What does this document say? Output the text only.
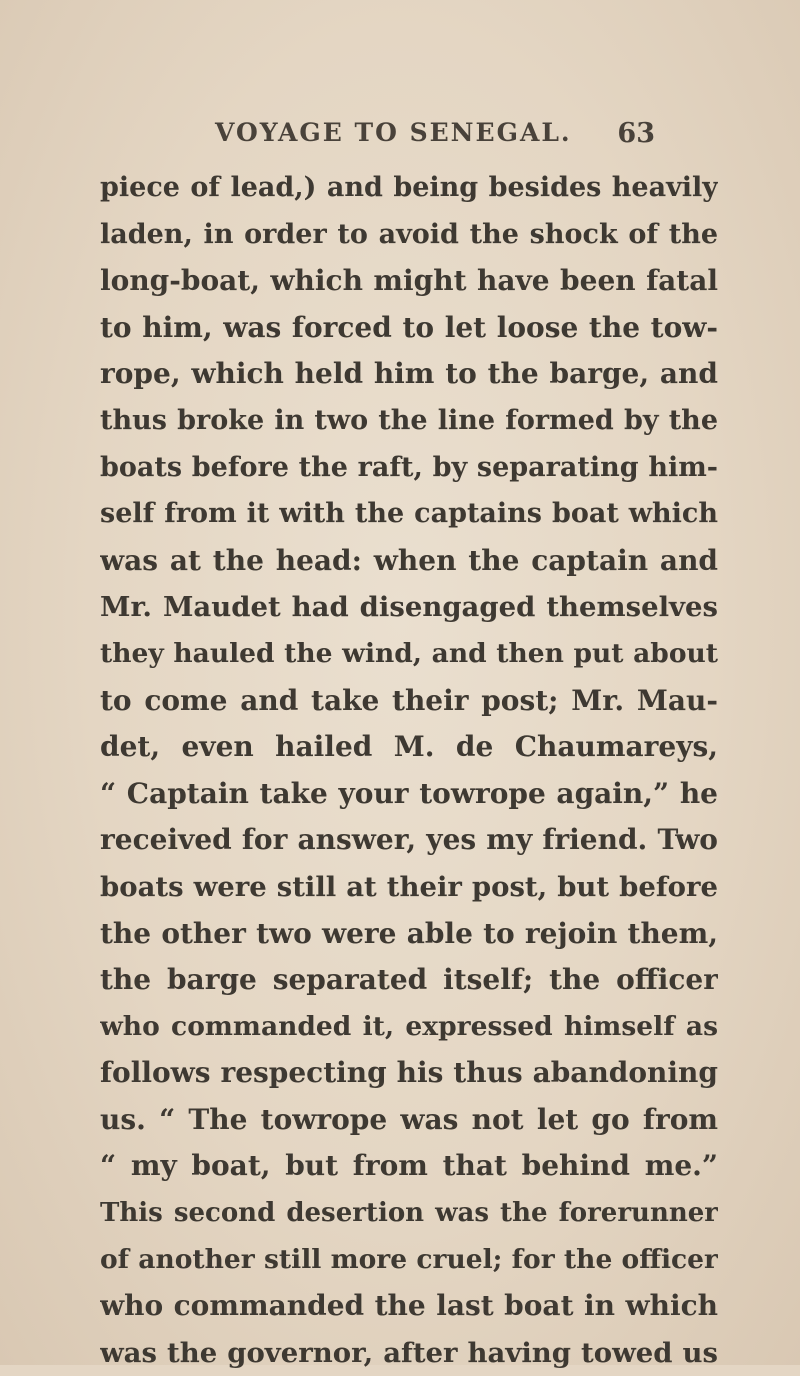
VOYAGE TO SENEGAL. 63
piece of lead,) and being besides heavily
laden, in order to avoid the shock of the
long-boat, which might have been fatal
to him, was forced to let loose the tow-
rope, which held him to the barge, and
thus broke in two the line formed by the
boats before the raft, by separating him-
self from it with the captains boat which
was at the head: when the captain and
Mr. Maudet had disengaged themselves
they hauled the wind, and then put about
to come and take their post; Mr. Mau-
det, even hailed M. de Chaumareys,
“ Captain take your towrope again,” he
received for answer, yes my friend. Two
boats were still at their post, but before
the other two were able to rejoin them,
the barge separated itself; the officer
who commanded it, expressed himself as
follows respecting his thus abandoning
us. “ The towrope was not let go from
“ my boat, but from that behind me.”
This second desertion was the forerunner
of another still more cruel; for the officer
who commanded the last boat in which
was the governor, after having towed us
